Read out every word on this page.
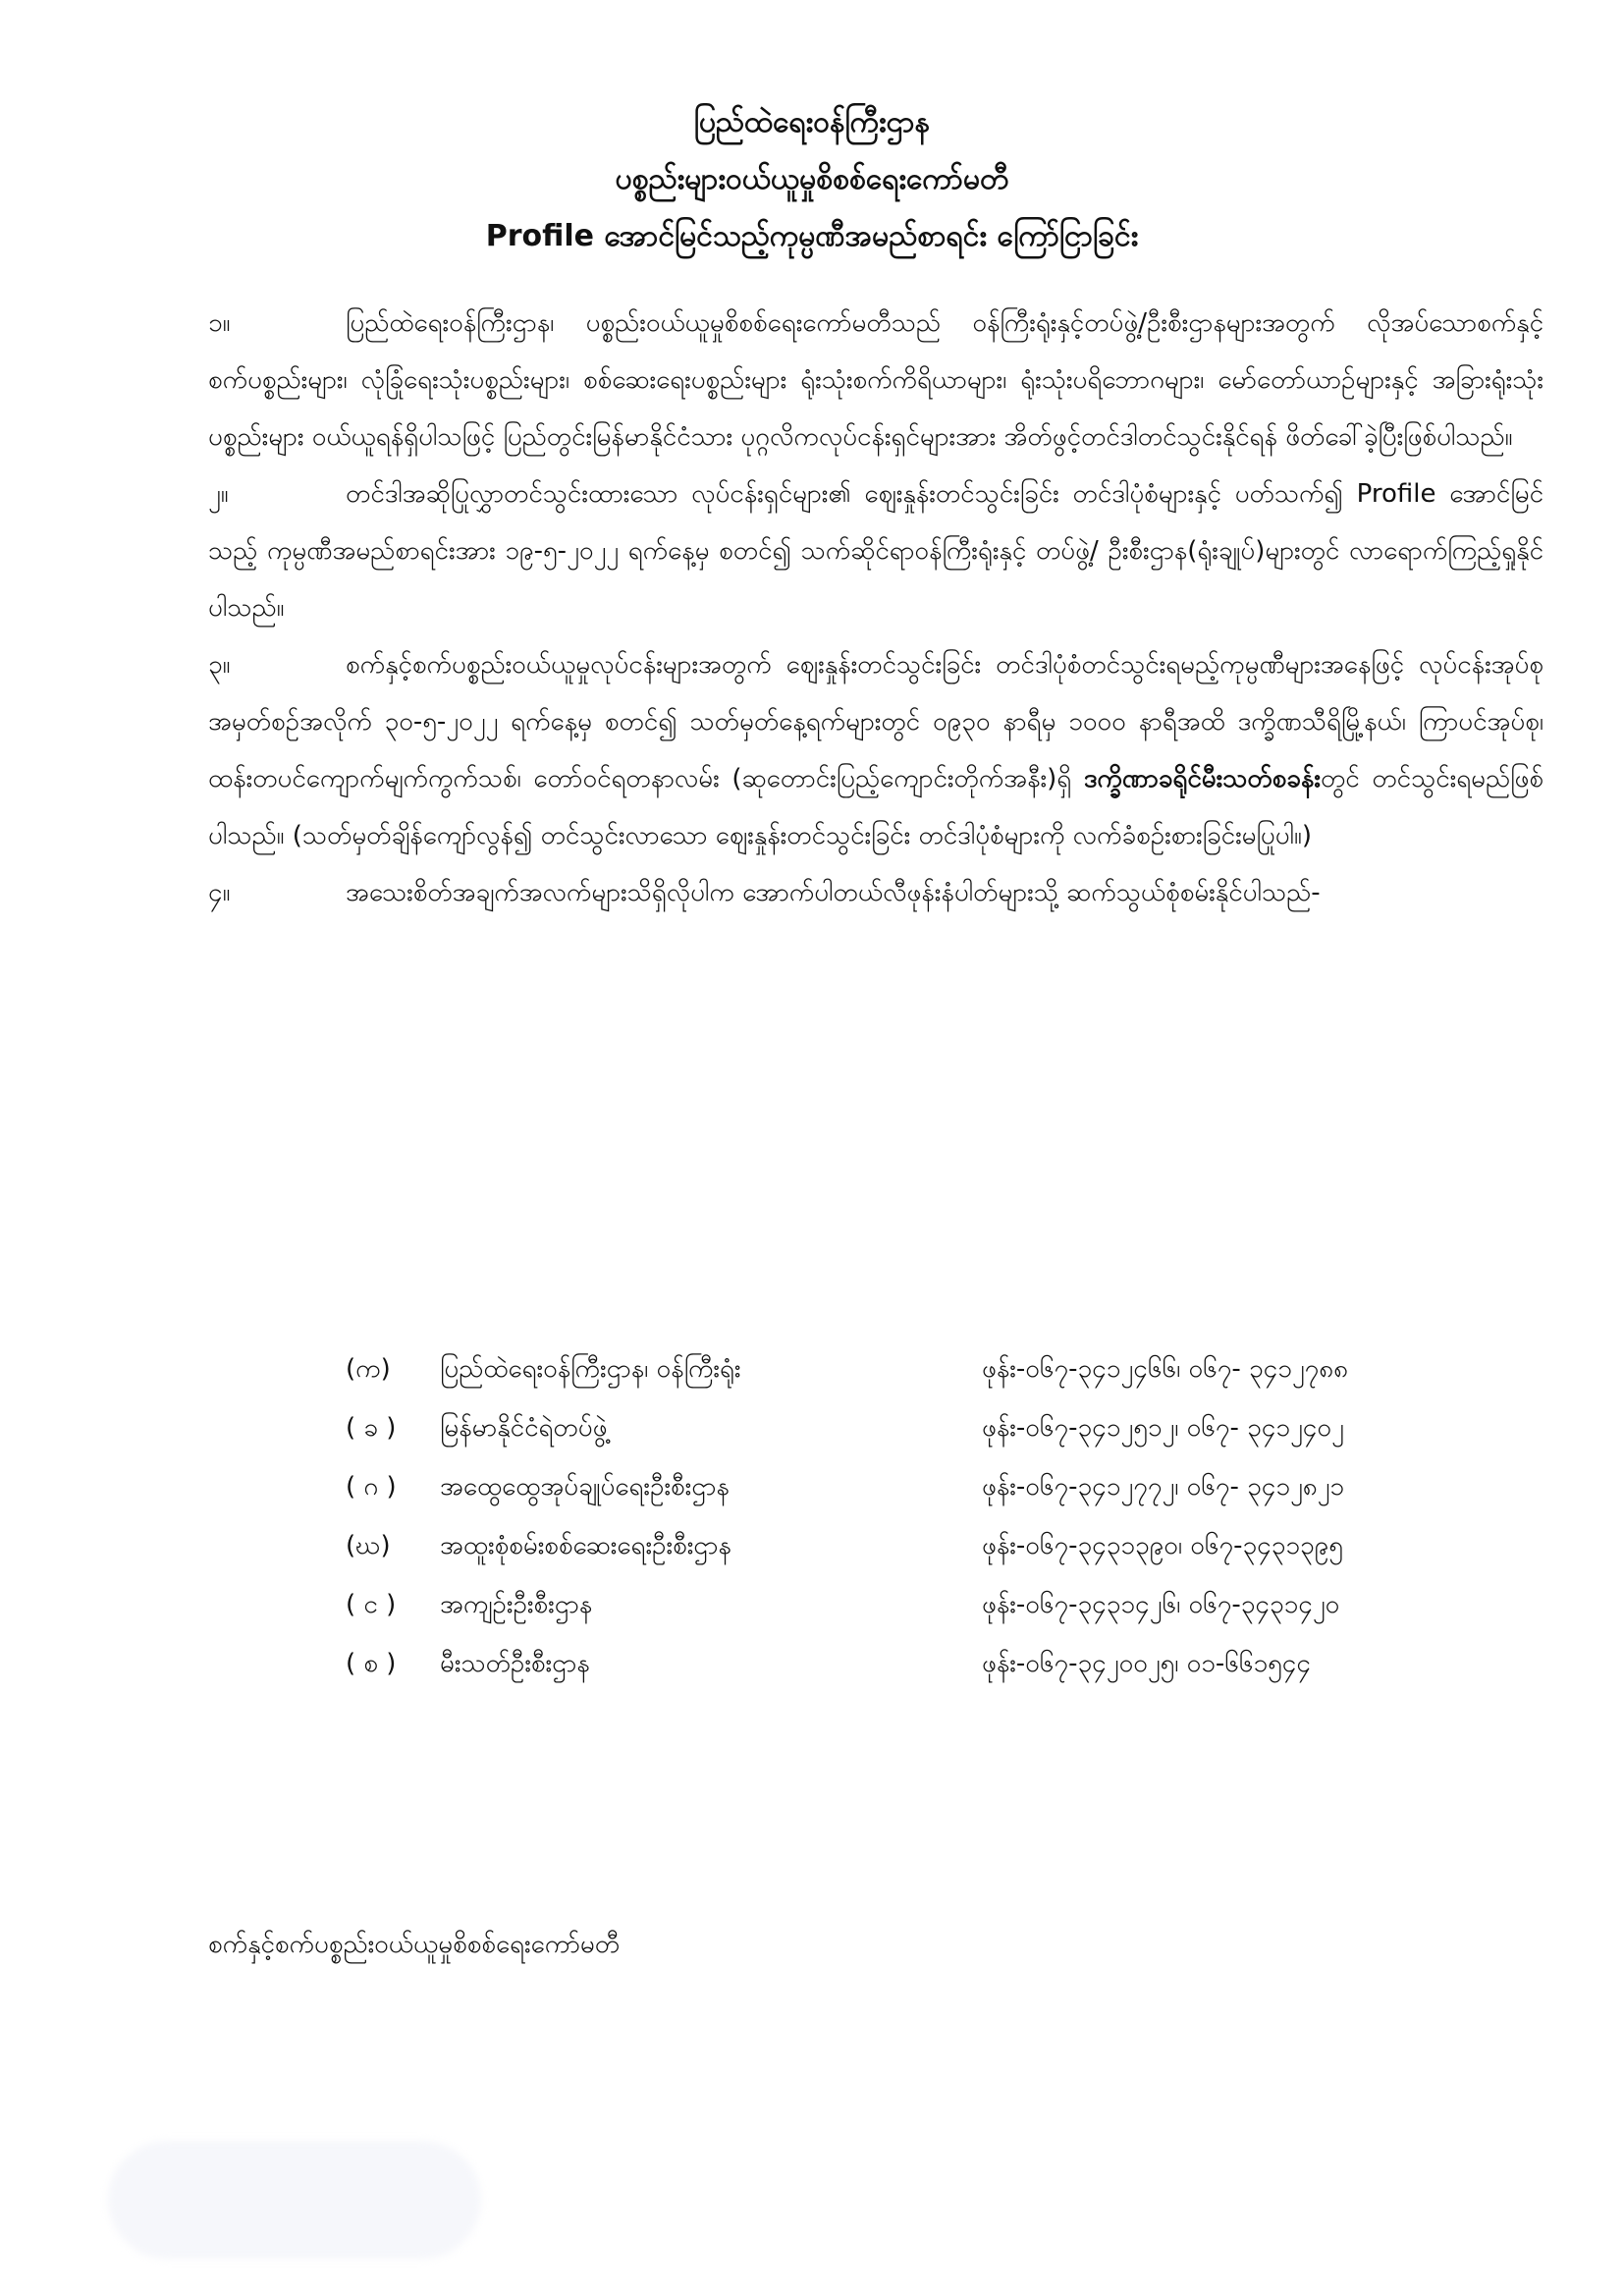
ပြည်ထဲရေးဝန်ကြီးဌာန
ပစ္စည်းများဝယ်ယူမှုစိစစ်ရေးကော်မတီ
Profile အောင်မြင်သည့်ကုမ္ပဏီအမည်စာရင်း ကြော်ငြာခြင်း

၁။	ပြည်ထဲရေးဝန်ကြီးဌာန၊ ပစ္စည်းဝယ်ယူမှုစိစစ်ရေးကော်မတီသည် ဝန်ကြီးရုံးနှင့်တပ်ဖွဲ့/ဦးစီးဌာနများအတွက် လိုအပ်သောစက်နှင့်စက်ပစ္စည်းများ၊ လုံခြုံရေးသုံးပစ္စည်းများ၊ စစ်ဆေးရေးပစ္စည်းများ ရုံးသုံးစက်ကိရိယာများ၊ ရုံးသုံးပရိဘောဂများ၊ မော်တော်ယာဉ်များနှင့် အခြားရုံးသုံးပစ္စည်းများ ဝယ်ယူရန်ရှိပါသဖြင့် ပြည်တွင်းမြန်မာနိုင်ငံသား ပုဂ္ဂလိကလုပ်ငန်းရှင်များအား အိတ်ဖွင့်တင်ဒါတင်သွင်းနိုင်ရန် ဖိတ်ခေါ်ခဲ့ပြီးဖြစ်ပါသည်။

၂။	တင်ဒါအဆိုပြုလွှာတင်သွင်းထားသော လုပ်ငန်းရှင်များ၏ ဈေးနှုန်းတင်သွင်းခြင်း တင်ဒါပုံစံများနှင့် ပတ်သက်၍ Profile အောင်မြင်သည့် ကုမ္ပဏီအမည်စာရင်းအား ၁၉-၅-၂၀၂၂ ရက်နေ့မှ စတင်၍ သက်ဆိုင်ရာဝန်ကြီးရုံးနှင့် တပ်ဖွဲ့/ ဦးစီးဌာန(ရုံးချုပ်)များတွင် လာရောက်ကြည့်ရှုနိုင်ပါသည်။

၃။	စက်နှင့်စက်ပစ္စည်းဝယ်ယူမှုလုပ်ငန်းများအတွက် ဈေးနှုန်းတင်သွင်းခြင်း တင်ဒါပုံစံတင်သွင်းရမည့်ကုမ္ပဏီများအနေဖြင့် လုပ်ငန်းအုပ်စုအမှတ်စဉ်အလိုက် ၃၀-၅-၂၀၂၂ ရက်နေ့မှ စတင်၍ သတ်မှတ်နေ့ရက်များတွင် ၀၉၃၀ နာရီမှ ၁၀၀၀ နာရီအထိ ဒက္ခိဏသီရိမြို့နယ်၊ ကြာပင်အုပ်စု၊ ထန်းတပင်ကျောက်မျက်ကွက်သစ်၊ တော်ဝင်ရတနာလမ်း (ဆုတောင်းပြည့်ကျောင်းတိုက်အနီး)ရှိ ဒက္ခိဏာခရိုင်မီးသတ်စခန်းတွင် တင်သွင်းရမည်ဖြစ်ပါသည်။ (သတ်မှတ်ချိန်ကျော်လွန်၍ တင်သွင်းလာသော ဈေးနှုန်းတင်သွင်းခြင်း တင်ဒါပုံစံများကို လက်ခံစဉ်းစားခြင်းမပြုပါ။)

၄။	အသေးစိတ်အချက်အလက်များသိရှိလိုပါက အောက်ပါတယ်လီဖုန်းနံပါတ်များသို့ ဆက်သွယ်စုံစမ်းနိုင်ပါသည်-

(က)	ပြည်ထဲရေးဝန်ကြီးဌာန၊ ဝန်ကြီးရုံး	ဖုန်း-၀၆၇-၃၄၁၂၄၆၆၊ ၀၆၇- ၃၄၁၂၇၈၈
( ခ )	မြန်မာနိုင်ငံရဲတပ်ဖွဲ့	ဖုန်း-၀၆၇-၃၄၁၂၅၁၂၊ ၀၆၇- ၃၄၁၂၄၀၂
( ဂ )	အထွေထွေအုပ်ချုပ်ရေးဦးစီးဌာန	ဖုန်း-၀၆၇-၃၄၁၂၇၇၂၊ ၀၆၇- ၃၄၁၂၈၂၁
(ဃ)	အထူးစုံစမ်းစစ်ဆေးရေးဦးစီးဌာန	ဖုန်း-၀၆၇-၃၄၃၁၃၉၀၊ ၀၆၇-၃၄၃၁၃၉၅
( င )	အကျဉ်းဦးစီးဌာန	ဖုန်း-၀၆၇-၃၄၃၁၄၂၆၊ ၀၆၇-၃၄၃၁၄၂၀
( စ )	မီးသတ်ဦးစီးဌာန	ဖုန်း-၀၆၇-၃၄၂၀၀၂၅၊ ၀၁-၆၆၁၅၄၄
စက်နှင့်စက်ပစ္စည်းဝယ်ယူမှုစိစစ်ရေးကော်မတီ
